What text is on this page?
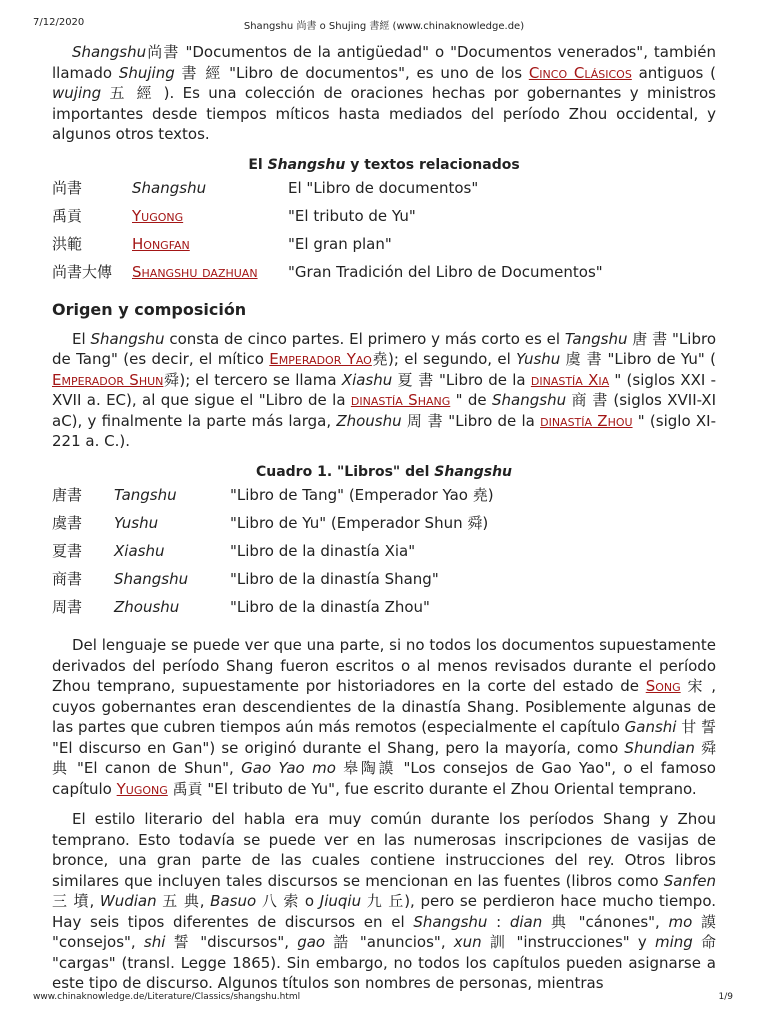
7/12/2020	Shangshu 尚書 o Shujing 書經 (www.chinaknowledge.de)

Shangshu尚書 "Documentos de la antigüedad" o "Documentos venerados", también llamado Shujing 書 經 "Libro de documentos", es uno de los Cinco Clásicos antiguos ( wujing 五 經 ). Es una colección de oraciones hechas por gobernantes y ministros importantes desde tiempos míticos hasta mediados del período Zhou occidental, y algunos otros textos.

El Shangshu y textos relacionados
尚書	Shangshu	El "Libro de documentos"
禹貢	Yugong	"El tributo de Yu"
洪範	Hongfan	"El gran plan"
尚書大傳	Shangshu dazhuan	"Gran Tradición del Libro de Documentos"
Origen y composición

El Shangshu consta de cinco partes. El primero y más corto es el Tangshu 唐 書 "Libro de Tang" (es decir, el mítico Emperador Yao堯); el segundo, el Yushu 虞 書 "Libro de Yu" ( Emperador Shun舜); el tercero se llama Xiashu 夏 書 "Libro de la dinastía Xia " (siglos XXI - XVII a. EC), al que sigue el "Libro de la dinastía Shang " de Shangshu 商 書 (siglos XVII-XI aC), y finalmente la parte más larga, Zhoushu 周 書 "Libro de la dinastía Zhou " (siglo XI-221 a. C.).

Cuadro 1. "Libros" del Shangshu
唐書	Tangshu	"Libro de Tang" (Emperador Yao 堯)
虞書	Yushu	"Libro de Yu" (Emperador Shun 舜)
夏書	Xiashu	"Libro de la dinastía Xia"
商書	Shangshu	"Libro de la dinastía Shang"
周書	Zhoushu	"Libro de la dinastía Zhou"

Del lenguaje se puede ver que una parte, si no todos los documentos supuestamente derivados del período Shang fueron escritos o al menos revisados durante el período Zhou temprano, supuestamente por historiadores en la corte del estado de Song 宋 , cuyos gobernantes eran descendientes de la dinastía Shang. Posiblemente algunas de las partes que cubren tiempos aún más remotos (especialmente el capítulo Ganshi 甘 誓 "El discurso en Gan") se originó durante el Shang, pero la mayoría, como Shundian 舜 典 "El canon de Shun", Gao Yao mo 皋陶謨 "Los consejos de Gao Yao", o el famoso capítulo Yugong 禹貢 "El tributo de Yu", fue escrito durante el Zhou Oriental temprano.

El estilo literario del habla era muy común durante los períodos Shang y Zhou temprano. Esto todavía se puede ver en las numerosas inscripciones de vasijas de bronce, una gran parte de las cuales contiene instrucciones del rey. Otros libros similares que incluyen tales discursos se mencionan en las fuentes (libros como Sanfen 三 墳, Wudian 五 典, Basuo 八 索 o Jiuqiu 九 丘), pero se perdieron hace mucho tiempo. Hay seis tipos diferentes de discursos en el Shangshu : dian 典 "cánones", mo 謨 "consejos", shi 誓 "discursos", gao 誥 "anuncios", xun 訓 "instrucciones" y ming 命 "cargas" (transl. Legge 1865). Sin embargo, no todos los capítulos pueden asignarse a este tipo de discurso. Algunos títulos son nombres de personas, mientras

www.chinaknowledge.de/Literature/Classics/shangshu.html	1/9
